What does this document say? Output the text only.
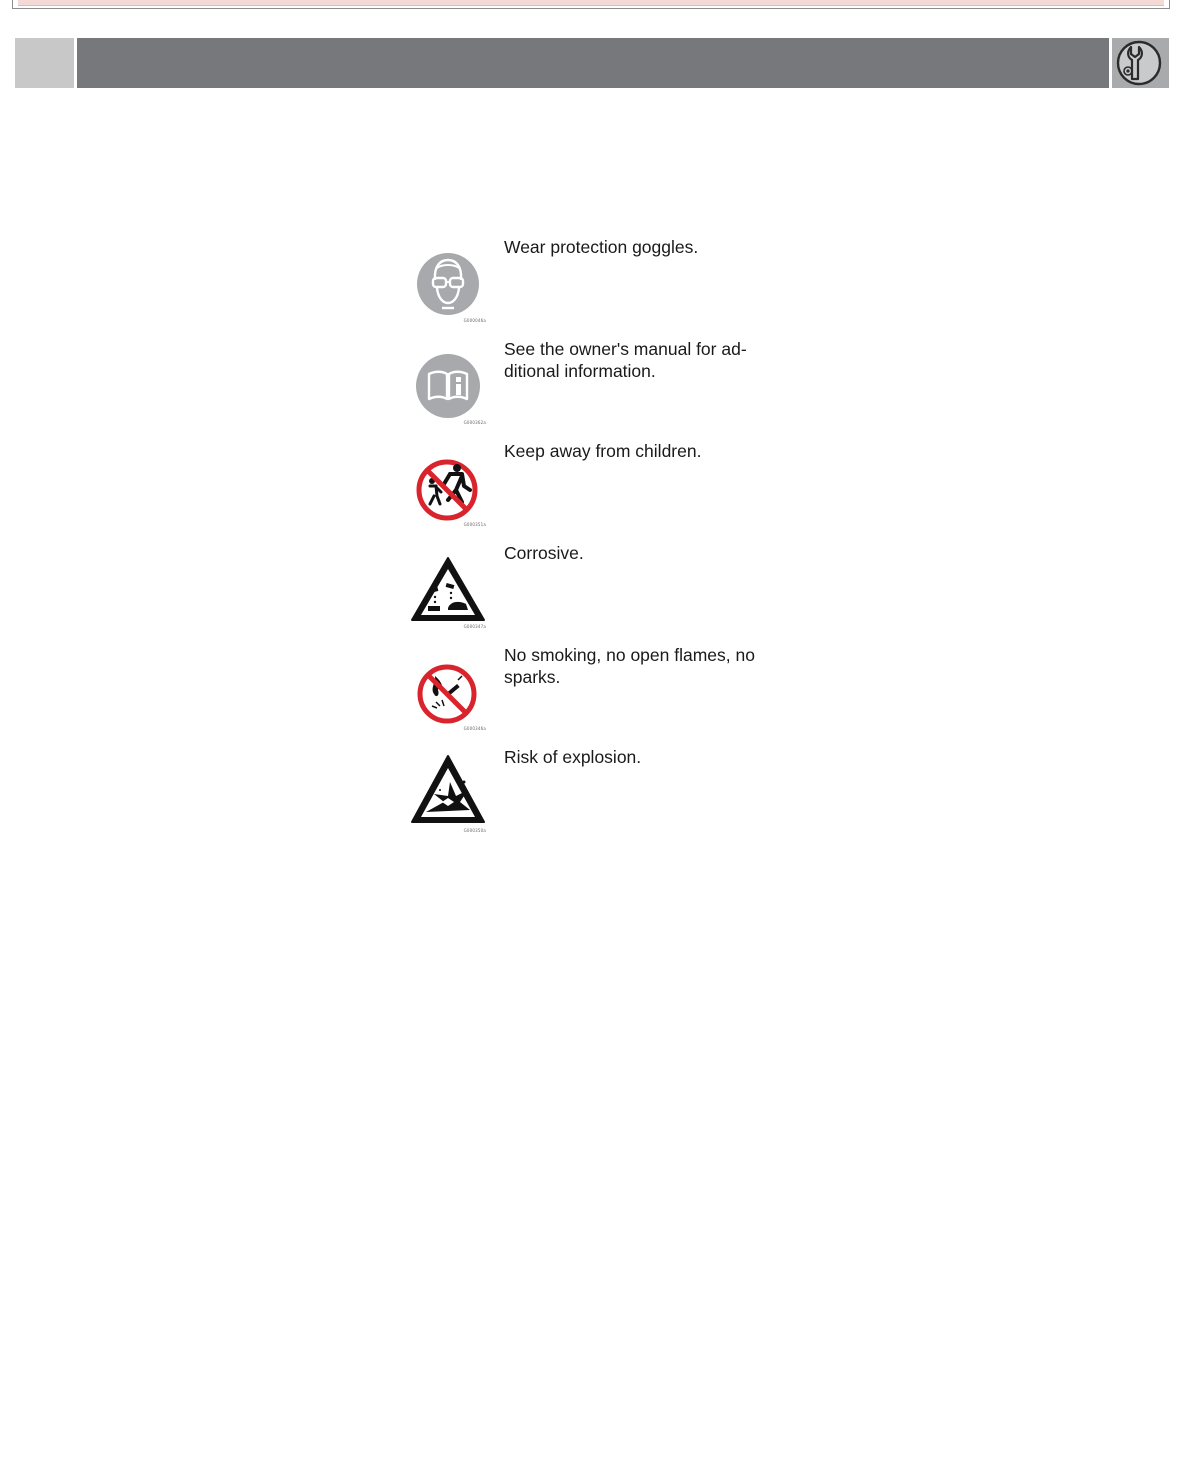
G000046a
Wear protection goggles.
G000362a
See the owner's manual for ad-ditional information.
G000351a
Keep away from children.
G000347a
Corrosive.
G000346a
No smoking, no open flames, no sparks.
G000350a
Risk of explosion.
